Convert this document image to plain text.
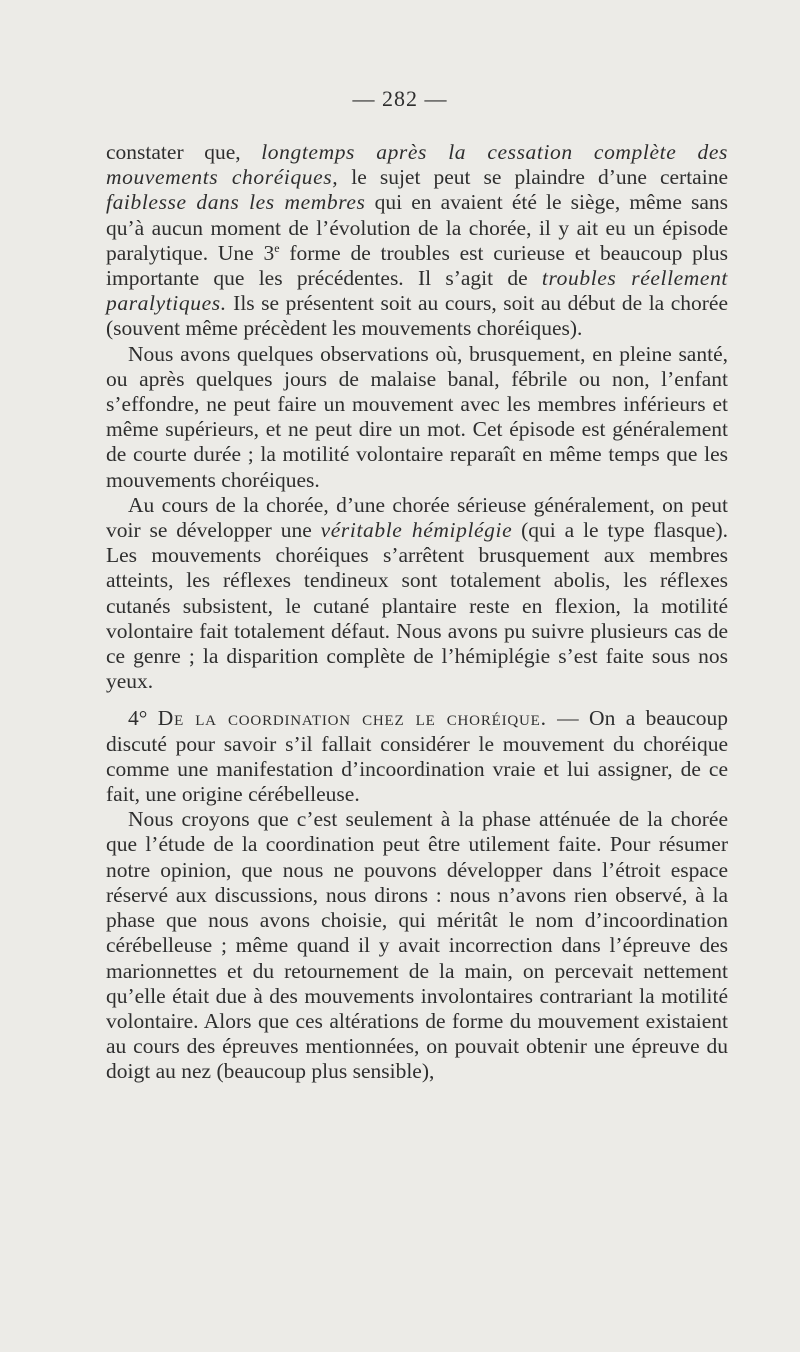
— 282 —

constater que, longtemps après la cessation complète des mouvements choréiques, le sujet peut se plaindre d’une certaine faiblesse dans les membres qui en avaient été le siège, même sans qu’à aucun moment de l’évolution de la chorée, il y ait eu un épisode paralytique. Une 3e forme de troubles est curieuse et beaucoup plus importante que les précédentes. Il s’agit de troubles réellement paralytiques. Ils se présentent soit au cours, soit au début de la chorée (souvent même précèdent les mouvements choréiques).

Nous avons quelques observations où, brusquement, en pleine santé, ou après quelques jours de malaise banal, fébrile ou non, l’enfant s’effondre, ne peut faire un mouvement avec les membres inférieurs et même supérieurs, et ne peut dire un mot. Cet épisode est généralement de courte durée ; la motilité volontaire reparaît en même temps que les mouvements choréiques.

Au cours de la chorée, d’une chorée sérieuse généralement, on peut voir se développer une véritable hémiplégie (qui a le type flasque). Les mouvements choréiques s’arrêtent brusquement aux membres atteints, les réflexes tendineux sont totalement abolis, les réflexes cutanés subsistent, le cutané plantaire reste en flexion, la motilité volontaire fait totalement défaut. Nous avons pu suivre plusieurs cas de ce genre ; la disparition complète de l’hémiplégie s’est faite sous nos yeux.

4° De la coordination chez le choréique. — On a beaucoup discuté pour savoir s’il fallait considérer le mouvement du choréique comme une manifestation d’incoordination vraie et lui assigner, de ce fait, une origine cérébelleuse.

Nous croyons que c’est seulement à la phase atténuée de la chorée que l’étude de la coordination peut être utilement faite. Pour résumer notre opinion, que nous ne pouvons développer dans l’étroit espace réservé aux discussions, nous dirons : nous n’avons rien observé, à la phase que nous avons choisie, qui méritât le nom d’incoordination cérébelleuse ; même quand il y avait incorrection dans l’épreuve des marionnettes et du retournement de la main, on percevait nettement qu’elle était due à des mouvements involontaires contrariant la motilité volontaire. Alors que ces altérations de forme du mouvement existaient au cours des épreuves mentionnées, on pouvait obtenir une épreuve du doigt au nez (beaucoup plus sensible),
